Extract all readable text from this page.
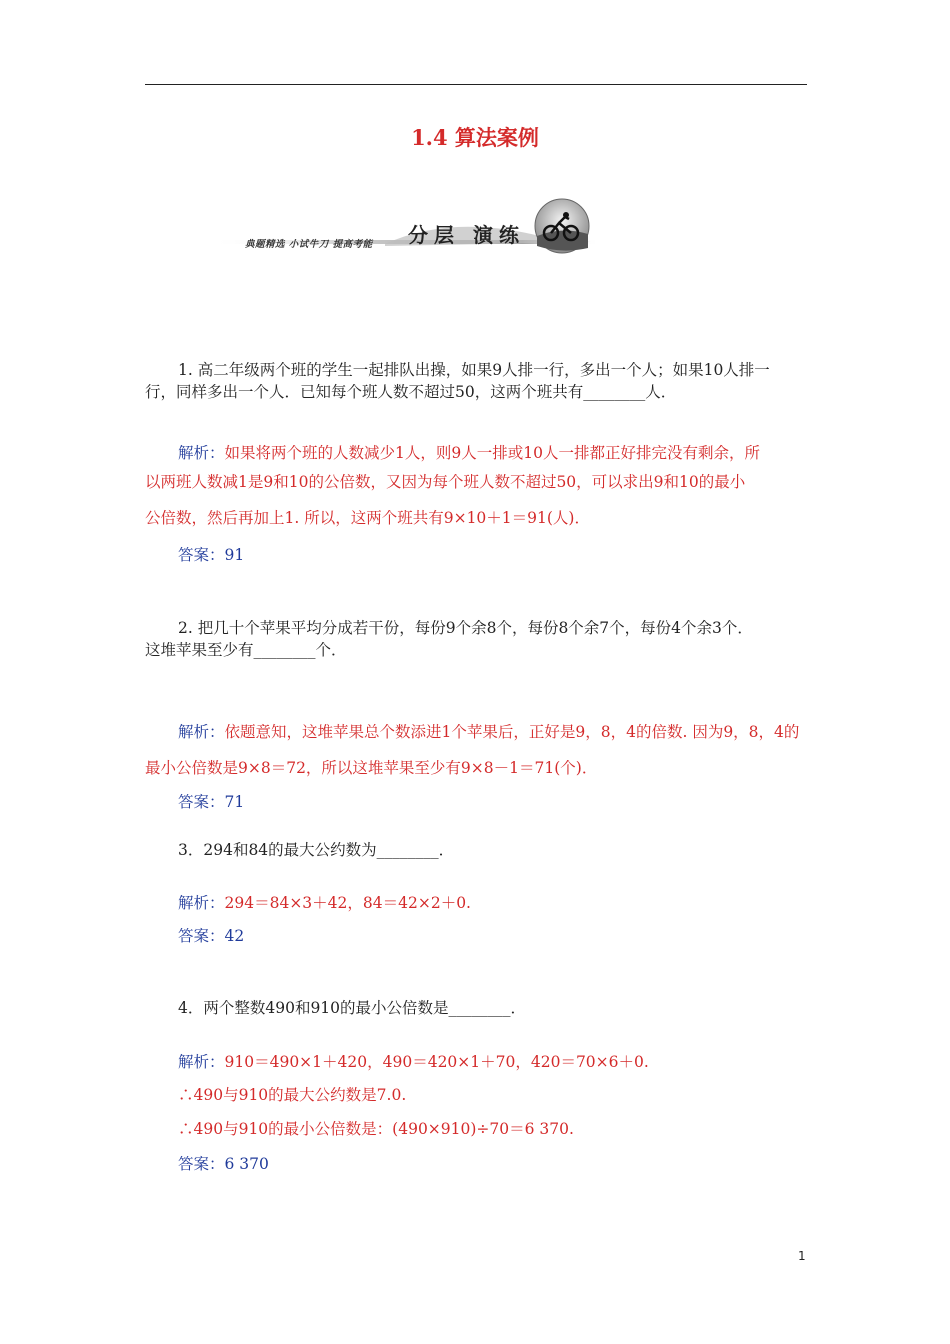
1.4 算法案例
典题精选 小试牛刀 提高考能 分层 演练

1. 高二年级两个班的学生一起排队出操，如果9人排一行，多出一个人；如果10人排一
行，同样多出一个人．已知每个班人数不超过50，这两个班共有________人．

解析：如果将两个班的人数减少1人，则9人一排或10人一排都正好排完没有剩余，所

以两班人数减1是9和10的公倍数，又因为每个班人数不超过50，可以求出9和10的最小

公倍数，然后再加上1. 所以，这两个班共有9×10＋1＝91(人)．

答案：91

2. 把几十个苹果平均分成若干份，每份9个余8个，每份8个余7个，每份4个余3个．
这堆苹果至少有________个．

解析：依题意知，这堆苹果总个数添进1个苹果后，正好是9，8，4的倍数. 因为9，8，4的

最小公倍数是9×8＝72，所以这堆苹果至少有9×8－1＝71(个)．

答案：71

3．294和84的最大公约数为________．

解析：294＝84×3＋42，84＝42×2＋0.

答案：42

4．两个整数490和910的最小公倍数是________．

解析：910＝490×1＋420，490＝420×1＋70，420＝70×6＋0.

∴490与910的最大公约数是7.0.

∴490与910的最小公倍数是：(490×910)÷70＝6 370.

答案：6 370
1
